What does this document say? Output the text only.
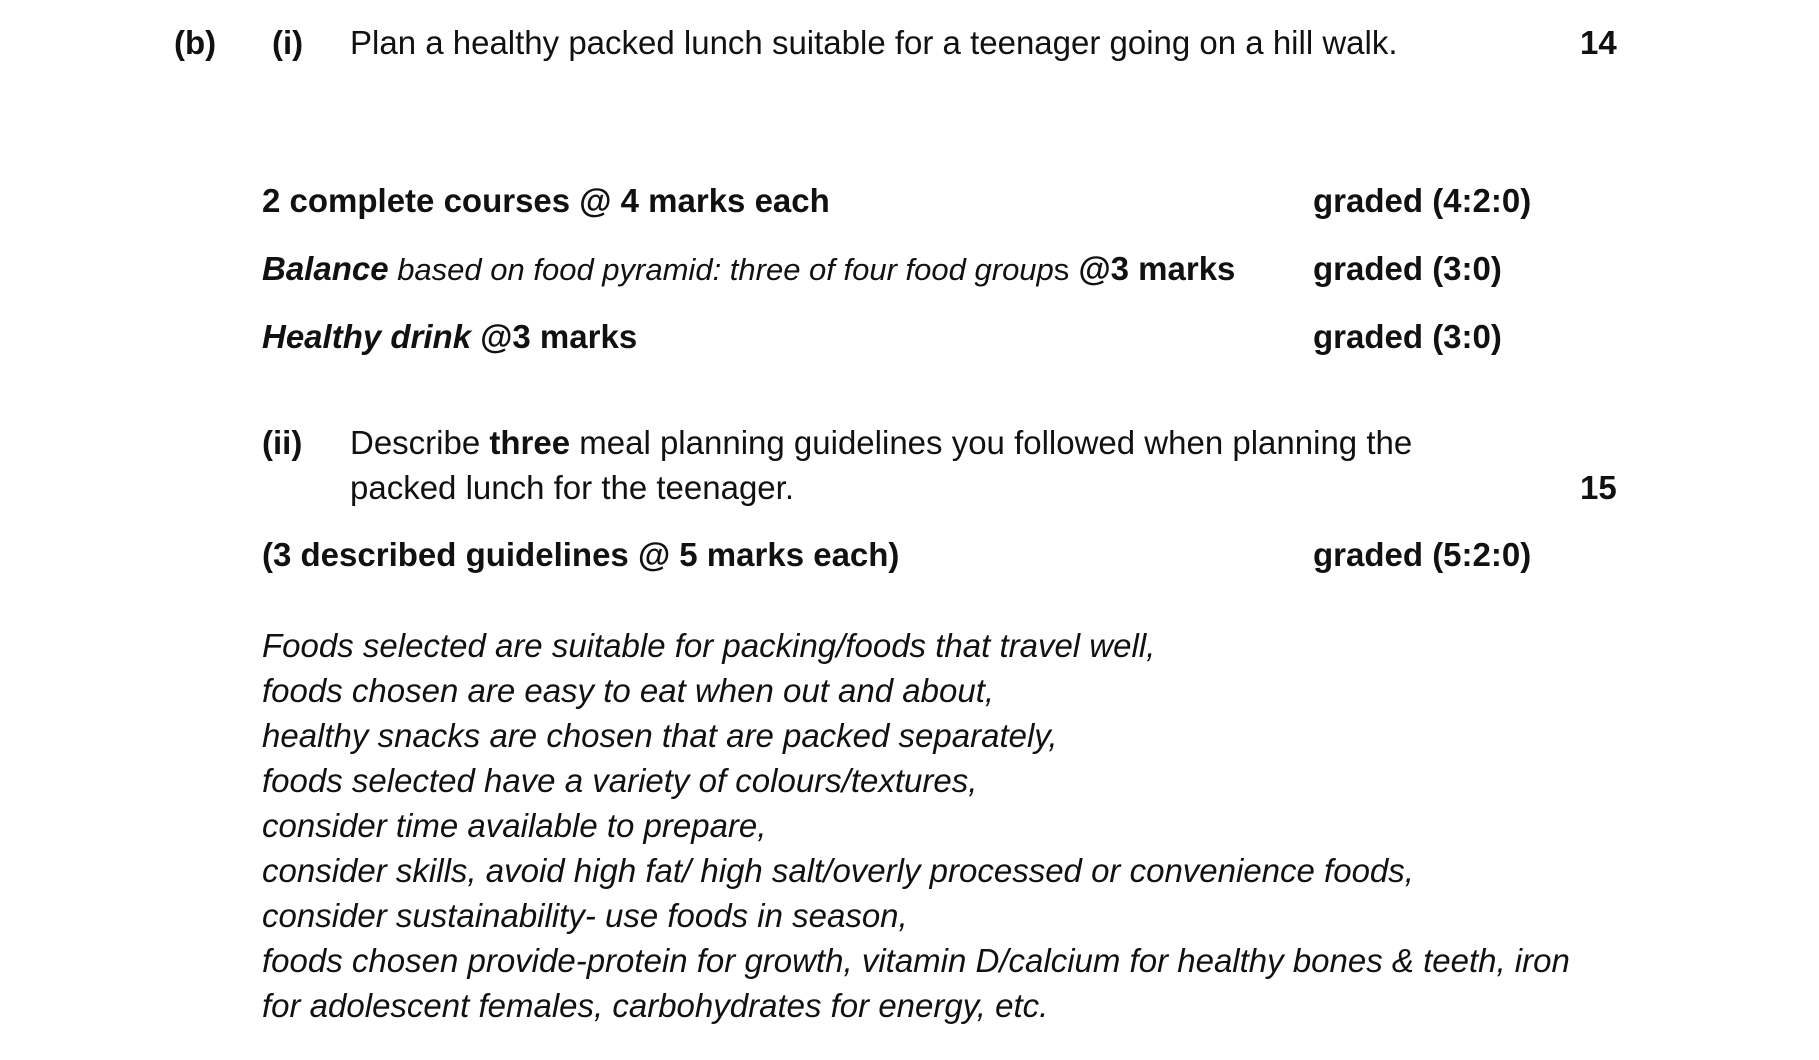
(b) (i) Plan a healthy packed lunch suitable for a teenager going on a hill walk.	14
2 complete courses @ 4 marks each	graded (4:2:0)
Balance based on food pyramid: three of four food groups @3 marks graded (3:0)
Healthy drink @3 marks	graded (3:0)
(ii) Describe three meal planning guidelines you followed when planning the
packed lunch for the teenager.	15
(3 described guidelines @ 5 marks each)	graded (5:2:0)
Foods selected are suitable for packing/foods that travel well,
foods chosen are easy to eat when out and about,
healthy snacks are chosen that are packed separately,
foods selected have a variety of colours/textures,
consider time available to prepare,
consider skills, avoid high fat/ high salt/overly processed or convenience foods,
consider sustainability- use foods in season,
foods chosen provide-protein for growth, vitamin D/calcium for healthy bones & teeth, iron
for adolescent females, carbohydrates for energy, etc.
